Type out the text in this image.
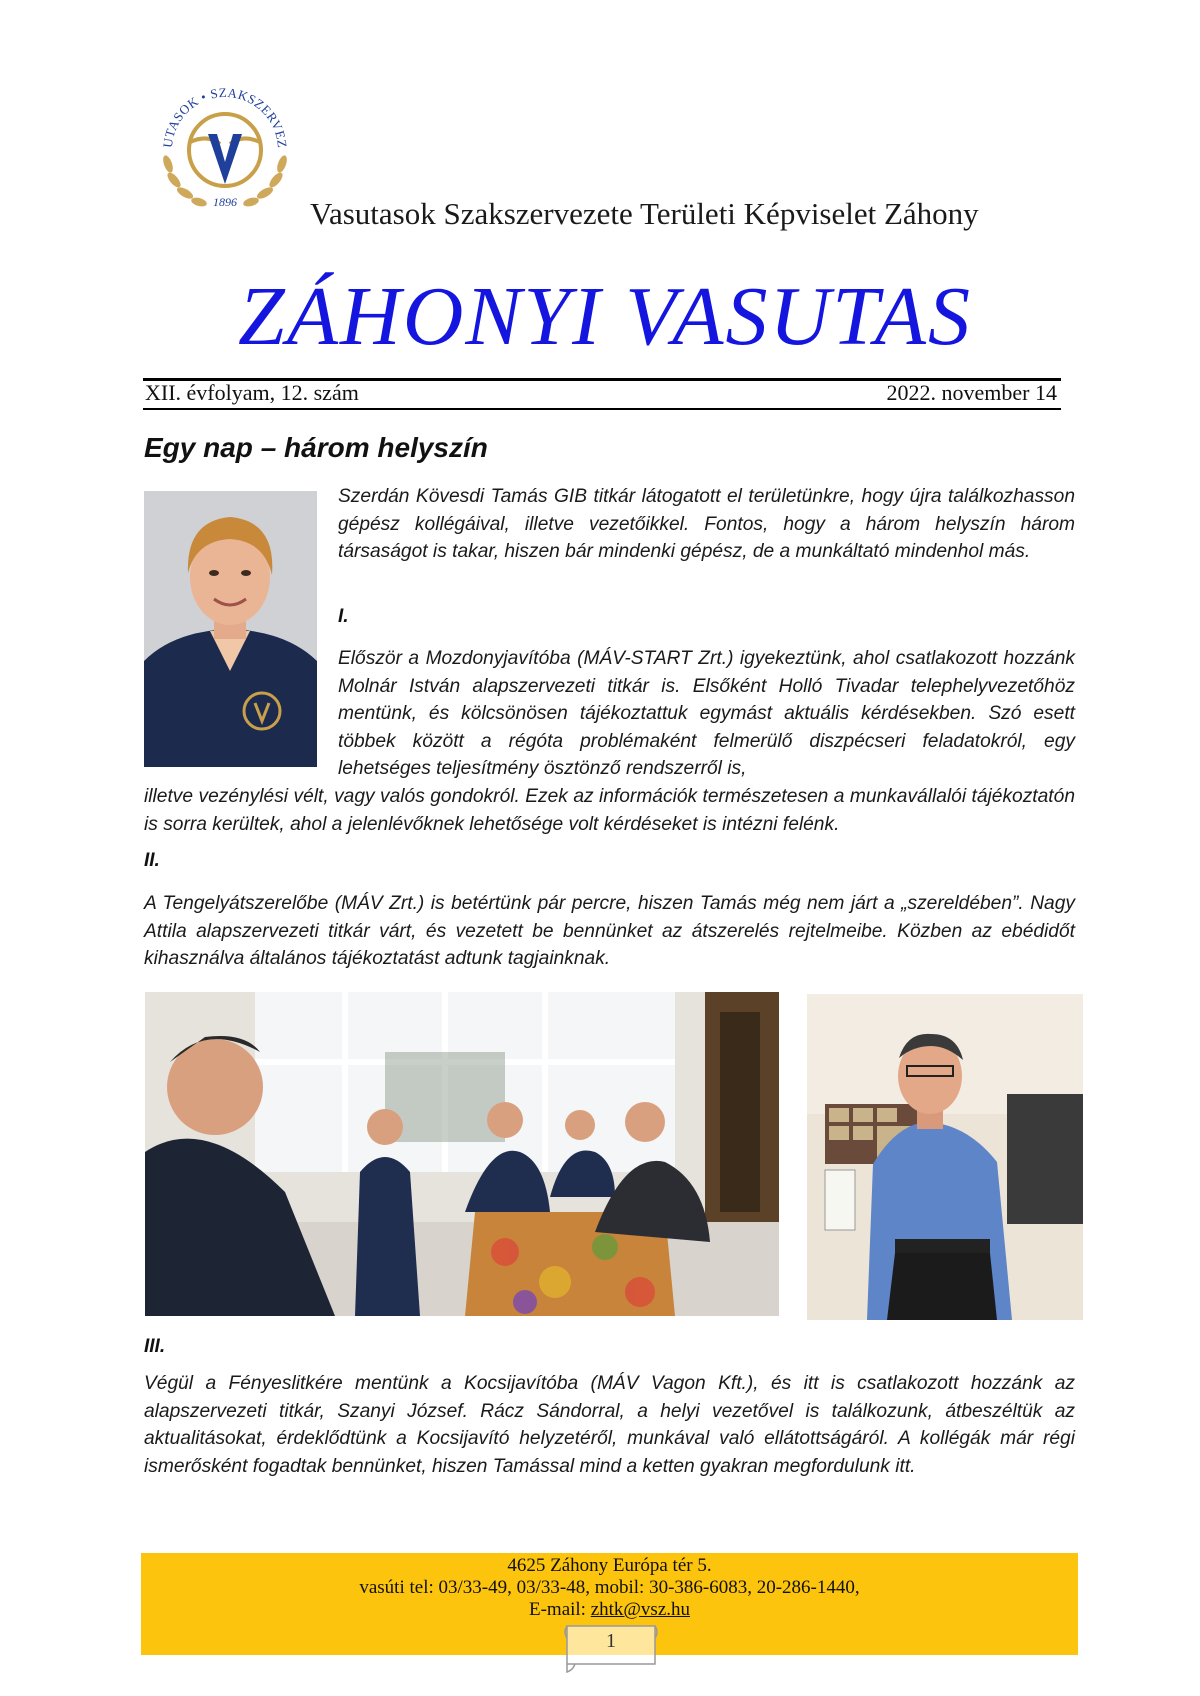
UTASOK • SZAKSZERVEZ
1896 Vasutasok Szakszervezete Területi Képviselet Záhony
ZÁHONYI VASUTAS
XII. évfolyam, 12. szám	2022. november 14
Egy nap – három helyszín
Szerdán Kövesdi Tamás GIB titkár látogatott el területünkre, hogy újra találkozhasson gépész kollégáival, illetve vezetőikkel. Fontos, hogy a három helyszín három társaságot is takar, hiszen bár mindenki gépész, de a munkáltató mindenhol más.
I.
Először a Mozdonyjavítóba (MÁV-START Zrt.) igyekeztünk, ahol csatlakozott hozzánk Molnár István alapszervezeti titkár is. Elsőként Holló Tivadar telephelyvezetőhöz mentünk, és kölcsönösen tájékoztattuk egymást aktuális kérdésekben. Szó esett többek között a régóta problémaként felmerülő diszpécseri feladatokról, egy lehetséges teljesítmény ösztönző rendszerről is,
illetve vezénylési vélt, vagy valós gondokról. Ezek az információk természetesen a munkavállalói tájékoztatón is sorra kerültek, ahol a jelenlévőknek lehetősége volt kérdéseket is intézni felénk.
II.
A Tengelyátszerelőbe (MÁV Zrt.) is betértünk pár percre, hiszen Tamás még nem járt a „szereldében”. Nagy Attila alapszervezeti titkár várt, és vezetett be bennünket az átszerelés rejtelmeibe. Közben az ebédidőt kihasználva általános tájékoztatást adtunk tagjainknak.
III.
Végül a Fényeslitkére mentünk a Kocsijavítóba (MÁV Vagon Kft.), és itt is csatlakozott hozzánk az alapszervezeti titkár, Szanyi József. Rácz Sándorral, a helyi vezetővel is találkozunk, átbeszéltük az aktualitásokat, érdeklődtünk a Kocsijavító helyzetéről, munkával való ellátottságáról. A kollégák már régi ismerősként fogadtak bennünket, hiszen Tamással mind a ketten gyakran megfordulunk itt.
4625 Záhony Európa tér 5.
vasúti tel: 03/33-49, 03/33-48, mobil: 30-386-6083, 20-286-1440,
E-mail: zhtk@vsz.hu
1
